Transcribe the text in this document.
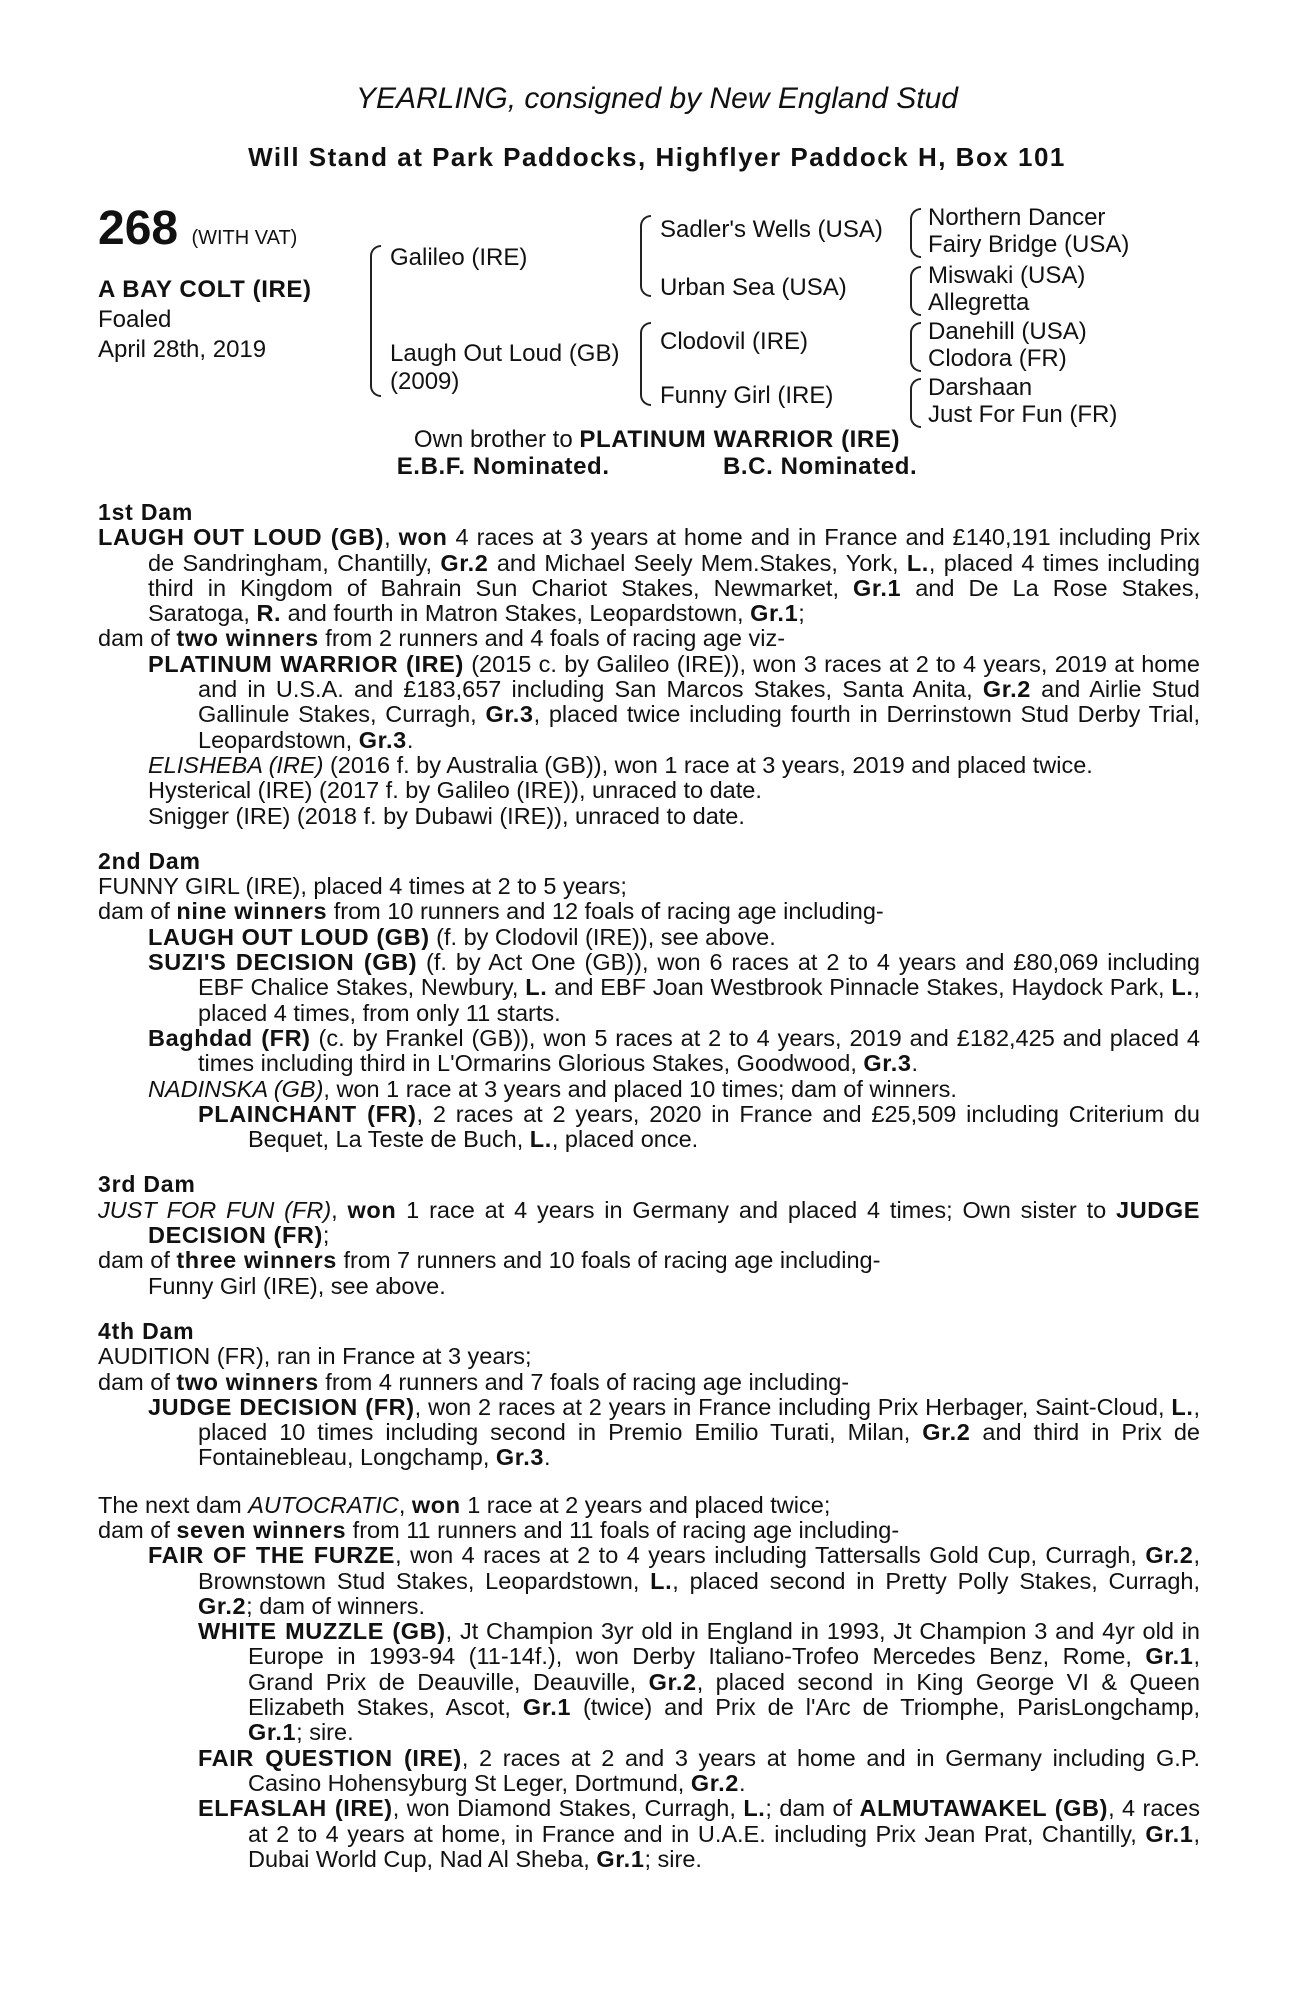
YEARLING, consigned by New England Stud
Will Stand at Park Paddocks, Highflyer Paddock H, Box 101
268 (WITH VAT)
A BAY COLT (IRE)
Foaled
April 28th, 2019
Galileo (IRE)
Laugh Out Loud (GB)
(2009)
Sadler's Wells (USA)
Urban Sea (USA)
Clodovil (IRE)
Funny Girl (IRE)
Northern Dancer
Fairy Bridge (USA)
Miswaki (USA)
Allegretta
Danehill (USA)
Clodora (FR)
Darshaan
Just For Fun (FR)
Own brother to PLATINUM WARRIOR (IRE)
E.B.F. Nominated.	B.C. Nominated.
1st Dam
LAUGH OUT LOUD (GB), won 4 races at 3 years at home and in France and £140,191 including Prix de Sandringham, Chantilly, Gr.2 and Michael Seely Mem.Stakes, York, L., placed 4 times including third in Kingdom of Bahrain Sun Chariot Stakes, Newmarket, Gr.1 and De La Rose Stakes, Saratoga, R. and fourth in Matron Stakes, Leopardstown, Gr.1;
dam of two winners from 2 runners and 4 foals of racing age viz-
PLATINUM WARRIOR (IRE) (2015 c. by Galileo (IRE)), won 3 races at 2 to 4 years, 2019 at home and in U.S.A. and £183,657 including San Marcos Stakes, Santa Anita, Gr.2 and Airlie Stud Gallinule Stakes, Curragh, Gr.3, placed twice including fourth in Derrinstown Stud Derby Trial, Leopardstown, Gr.3.
ELISHEBA (IRE) (2016 f. by Australia (GB)), won 1 race at 3 years, 2019 and placed twice.
Hysterical (IRE) (2017 f. by Galileo (IRE)), unraced to date.
Snigger (IRE) (2018 f. by Dubawi (IRE)), unraced to date.
2nd Dam
FUNNY GIRL (IRE), placed 4 times at 2 to 5 years;
dam of nine winners from 10 runners and 12 foals of racing age including-
LAUGH OUT LOUD (GB) (f. by Clodovil (IRE)), see above.
SUZI'S DECISION (GB) (f. by Act One (GB)), won 6 races at 2 to 4 years and £80,069 including EBF Chalice Stakes, Newbury, L. and EBF Joan Westbrook Pinnacle Stakes, Haydock Park, L., placed 4 times, from only 11 starts.
Baghdad (FR) (c. by Frankel (GB)), won 5 races at 2 to 4 years, 2019 and £182,425 and placed 4 times including third in L'Ormarins Glorious Stakes, Goodwood, Gr.3.
NADINSKA (GB), won 1 race at 3 years and placed 10 times; dam of winners.
PLAINCHANT (FR), 2 races at 2 years, 2020 in France and £25,509 including Criterium du Bequet, La Teste de Buch, L., placed once.
3rd Dam
JUST FOR FUN (FR), won 1 race at 4 years in Germany and placed 4 times; Own sister to JUDGE DECISION (FR);
dam of three winners from 7 runners and 10 foals of racing age including-
Funny Girl (IRE), see above.
4th Dam
AUDITION (FR), ran in France at 3 years;
dam of two winners from 4 runners and 7 foals of racing age including-
JUDGE DECISION (FR), won 2 races at 2 years in France including Prix Herbager, Saint-Cloud, L., placed 10 times including second in Premio Emilio Turati, Milan, Gr.2 and third in Prix de Fontainebleau, Longchamp, Gr.3.
The next dam AUTOCRATIC, won 1 race at 2 years and placed twice;
dam of seven winners from 11 runners and 11 foals of racing age including-
FAIR OF THE FURZE, won 4 races at 2 to 4 years including Tattersalls Gold Cup, Curragh, Gr.2, Brownstown Stud Stakes, Leopardstown, L., placed second in Pretty Polly Stakes, Curragh, Gr.2; dam of winners.
WHITE MUZZLE (GB), Jt Champion 3yr old in England in 1993, Jt Champion 3 and 4yr old in Europe in 1993-94 (11-14f.), won Derby Italiano-Trofeo Mercedes Benz, Rome, Gr.1, Grand Prix de Deauville, Deauville, Gr.2, placed second in King George VI & Queen Elizabeth Stakes, Ascot, Gr.1 (twice) and Prix de l'Arc de Triomphe, ParisLongchamp, Gr.1; sire.
FAIR QUESTION (IRE), 2 races at 2 and 3 years at home and in Germany including G.P. Casino Hohensyburg St Leger, Dortmund, Gr.2.
ELFASLAH (IRE), won Diamond Stakes, Curragh, L.; dam of ALMUTAWAKEL (GB), 4 races at 2 to 4 years at home, in France and in U.A.E. including Prix Jean Prat, Chantilly, Gr.1, Dubai World Cup, Nad Al Sheba, Gr.1; sire.
